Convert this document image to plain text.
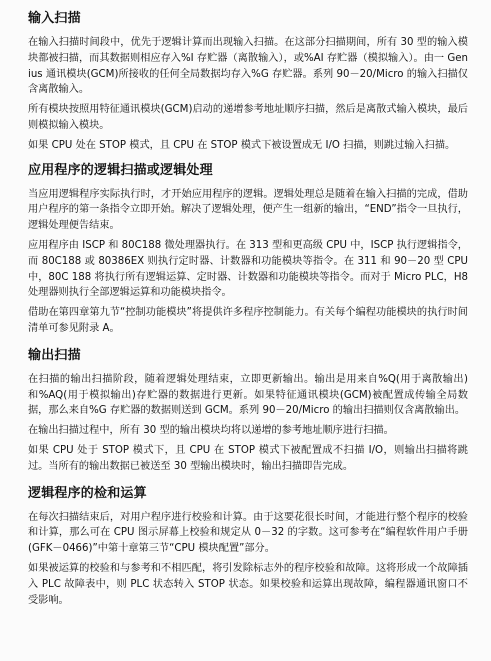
输入扫描

在输入扫描时间段中，优先于逻辑计算而出现输入扫描。在这部分扫描期间，所有 30 型的输入模块都被扫描，而其数据则相应存入%I 存贮器（离散输入），或%AI 存贮器（模拟输入）。由一 Genius 通讯模块(GCM)所接收的任何全局数据均存入%G 存贮器。系列 90－20/Micro 的输入扫描仅含离散输入。

所有模块按照用特征通讯模块(GCM)启动的递增参考地址顺序扫描，然后是离散式输入模块，最后则模拟输入模块。

如果 CPU 处在 STOP 模式，且 CPU 在 STOP 模式下被设置成无 I/O 扫描，则跳过输入扫描。

应用程序的逻辑扫描或逻辑处理

当应用逻辑程序实际执行时，才开始应用程序的逻辑。逻辑处理总是随着在输入扫描的完成，借助用户程序的第一条指令立即开始。解决了逻辑处理，便产生一组新的输出，“END”指令一旦执行，逻辑处理便告结束。

应用程序由 ISCP 和 80C188 微处理器执行。在 313 型和更高级 CPU 中，ISCP 执行逻辑指令，而 80C188 或 80386EX 则执行定时器、计数器和功能模块等指令。在 311 和 90－20 型 CPU 中，80C 188 将执行所有逻辑运算、定时器、计数器和功能模块等指令。而对于 Micro PLC，H8 处理器则执行全部逻辑运算和功能模块指令。

借助在第四章第九节“控制功能模块”将提供许多程序控制能力。有关每个编程功能模块的执行时间清单可参见附录 A。

输出扫描

在扫描的输出扫描阶段，随着逻辑处理结束，立即更新输出。输出是用来自%Q(用于离散输出)和%AQ(用于模拟输出)存贮器的数据进行更新。如果特征通讯模块(GCM)被配置成传输全局数据，那么来自%G 存贮器的数据则送到 GCM。系列 90－20/Micro 的输出扫描则仅含离散输出。

在输出扫描过程中，所有 30 型的输出模块均将以递增的参考地址顺序进行扫描。

如果 CPU 处于 STOP 模式下，且 CPU 在 STOP 模式下被配置成不扫描 I/O，则输出扫描将跳过。当所有的输出数据已被送至 30 型输出模块时，输出扫描即告完成。

逻辑程序的检和运算

在每次扫描结束后，对用户程序进行校验和计算。由于这要花很长时间，才能进行整个程序的校验和计算，那么可在 CPU 图示屏幕上校验和规定从 0－32 的字数。这可参考在“编程软件用户手册(GFK－0466)”中第十章第三节“CPU 模块配置”部分。

如果被运算的校验和与参考和不相匹配，将引发除标志外的程序校验和故障。这将形成一个故障插入 PLC 故障表中，则 PLC 状态转入 STOP 状态。如果校验和运算出现故障，编程器通讯窗口不受影响。
